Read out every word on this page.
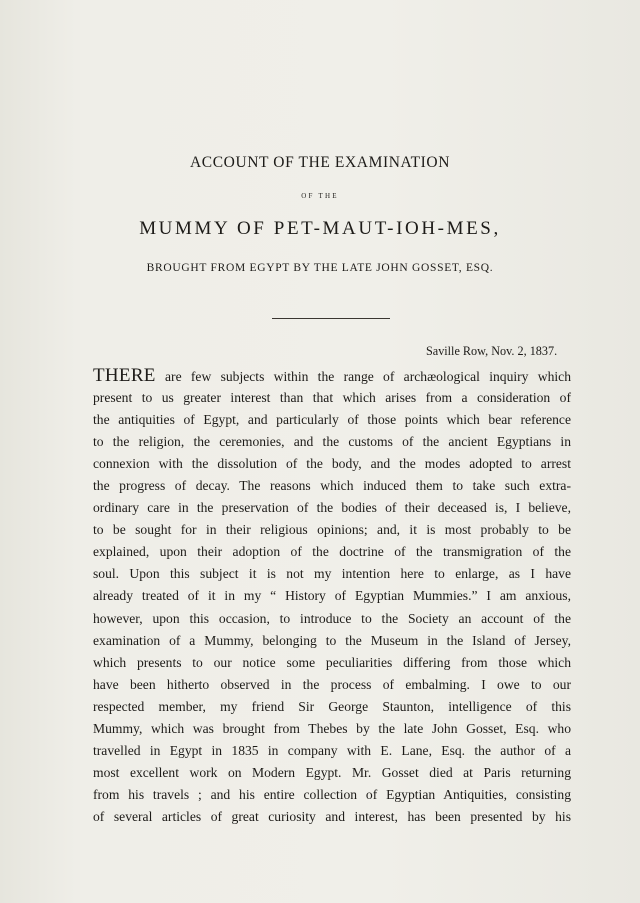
ACCOUNT OF THE EXAMINATION
OF THE
MUMMY OF PET-MAUT-IOH-MES,
BROUGHT FROM EGYPT BY THE LATE JOHN GOSSET, ESQ.
Saville Row, Nov. 2, 1837.
THERE are few subjects within the range of archæological inquiry which
present to us greater interest than that which arises from a consideration of
the antiquities of Egypt, and particularly of those points which bear reference
to the religion, the ceremonies, and the customs of the ancient Egyptians in
connexion with the dissolution of the body, and the modes adopted to arrest
the progress of decay. The reasons which induced them to take such extra-
ordinary care in the preservation of the bodies of their deceased is, I believe,
to be sought for in their religious opinions; and, it is most probably to be
explained, upon their adoption of the doctrine of the transmigration of the
soul. Upon this subject it is not my intention here to enlarge, as I have
already treated of it in my “ History of Egyptian Mummies.” I am anxious,
however, upon this occasion, to introduce to the Society an account of the
examination of a Mummy, belonging to the Museum in the Island of Jersey,
which presents to our notice some peculiarities differing from those which
have been hitherto observed in the process of embalming. I owe to our
respected member, my friend Sir George Staunton, intelligence of this
Mummy, which was brought from Thebes by the late John Gosset, Esq. who
travelled in Egypt in 1835 in company with E. Lane, Esq. the author of a
most excellent work on Modern Egypt. Mr. Gosset died at Paris returning
from his travels ; and his entire collection of Egyptian Antiquities, consisting
of several articles of great curiosity and interest, has been presented by his
